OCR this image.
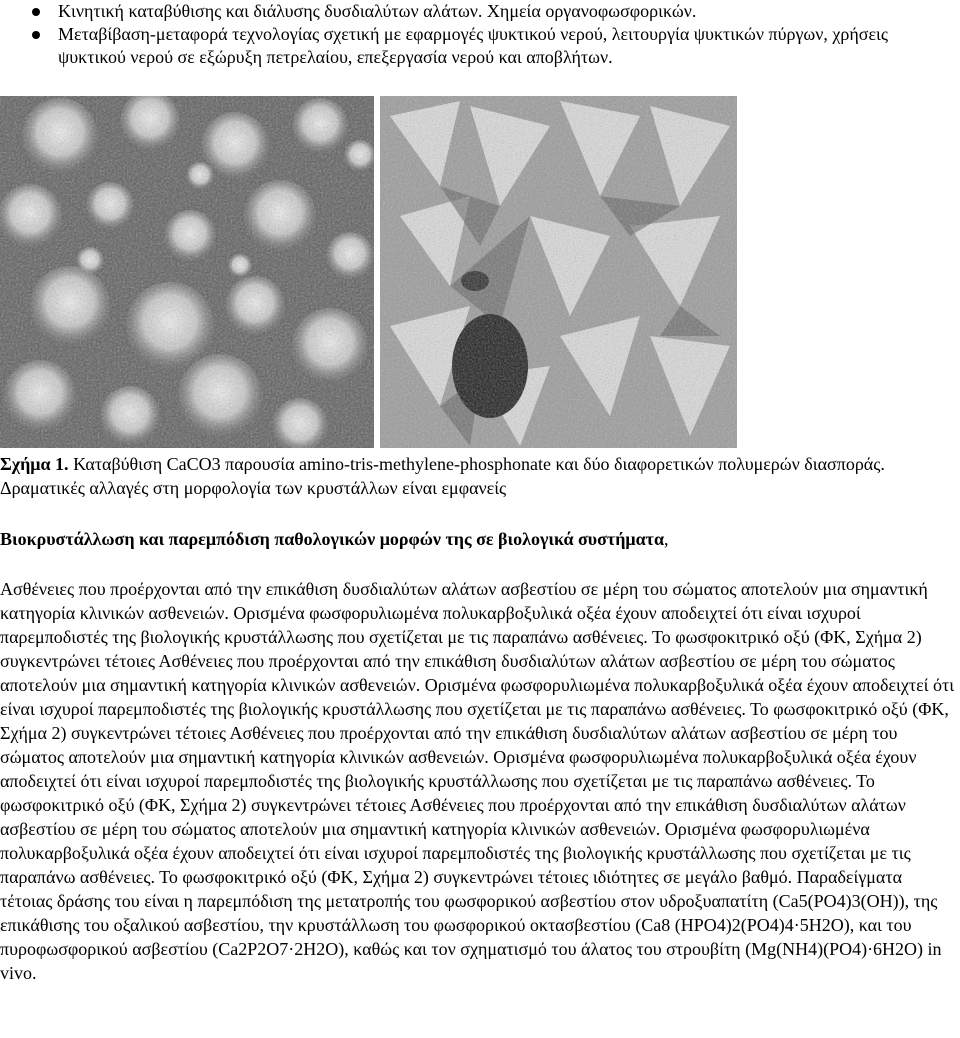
Κινητική καταβύθισης και διάλυσης δυσδιαλύτων αλάτων. Χημεία οργανοφωσφορικών.
Μεταβίβαση-μεταφορά τεχνολογίας σχετική με εφαρμογές ψυκτικού νερού, λειτουργία ψυκτικών πύργων, χρήσεις ψυκτικού νερού σε εξώρυξη πετρελαίου, επεξεργασία νερού και αποβλήτων.
Σχήμα 1. Καταβύθιση CaCO3 παρουσία amino-tris-methylene-phosphonate και δύο διαφορετικών πολυμερών διασποράς. Δραματικές αλλαγές στη μορφολογία των κρυστάλλων είναι εμφανείς
Βιοκρυστάλλωση και παρεμπόδιση παθολογικών μορφών της σε βιολογικά συστήματα,

Ασθένειες που προέρχονται από την επικάθιση δυσδιαλύτων αλάτων ασβεστίου σε μέρη του σώματος αποτελούν μια σημαντική κατηγορία κλινικών ασθενειών. Ορισμένα φωσφορυλιωμένα πολυκαρβοξυλικά οξέα έχουν αποδειχτεί ότι είναι ισχυροί παρεμποδιστές της βιολογικής κρυστάλλωσης που σχετίζεται με τις παραπάνω ασθένειες. Το φωσφοκιτρικό οξύ (ΦΚ, Σχήμα 2) συγκεντρώνει τέτοιες Ασθένειες που προέρχονται από την επικάθιση δυσδιαλύτων αλάτων ασβεστίου σε μέρη του σώματος αποτελούν μια σημαντική κατηγορία κλινικών ασθενειών. Ορισμένα φωσφορυλιωμένα πολυκαρβοξυλικά οξέα έχουν αποδειχτεί ότι είναι ισχυροί παρεμποδιστές της βιολογικής κρυστάλλωσης που σχετίζεται με τις παραπάνω ασθένειες. Το φωσφοκιτρικό οξύ (ΦΚ, Σχήμα 2) συγκεντρώνει τέτοιες Ασθένειες που προέρχονται από την επικάθιση δυσδιαλύτων αλάτων ασβεστίου σε μέρη του σώματος αποτελούν μια σημαντική κατηγορία κλινικών ασθενειών. Ορισμένα φωσφορυλιωμένα πολυκαρβοξυλικά οξέα έχουν αποδειχτεί ότι είναι ισχυροί παρεμποδιστές της βιολογικής κρυστάλλωσης που σχετίζεται με τις παραπάνω ασθένειες. Το φωσφοκιτρικό οξύ (ΦΚ, Σχήμα 2) συγκεντρώνει τέτοιες Ασθένειες που προέρχονται από την επικάθιση δυσδιαλύτων αλάτων ασβεστίου σε μέρη του σώματος αποτελούν μια σημαντική κατηγορία κλινικών ασθενειών. Ορισμένα φωσφορυλιωμένα πολυκαρβοξυλικά οξέα έχουν αποδειχτεί ότι είναι ισχυροί παρεμποδιστές της βιολογικής κρυστάλλωσης που σχετίζεται με τις παραπάνω ασθένειες. Το φωσφοκιτρικό οξύ (ΦΚ, Σχήμα 2) συγκεντρώνει τέτοιες ιδιότητες σε μεγάλο βαθμό. Παραδείγματα τέτοιας δράσης του είναι η παρεμπόδιση της μετατροπής του φωσφορικού ασβεστίου στον υδροξυαπατίτη (Ca5(PO4)3(OH)), της επικάθισης του οξαλικού ασβεστίου, την κρυστάλλωση του φωσφορικού οκτασβεστίου (Ca8 (HPO4)2(PO4)4·5H2O), και του πυροφωσφορικού ασβεστίου (Ca2P2O7·2H2O), καθώς και τον σχηματισμό του άλατος του στρουβίτη (Mg(NH4)(PO4)·6H2O) in vivo.
